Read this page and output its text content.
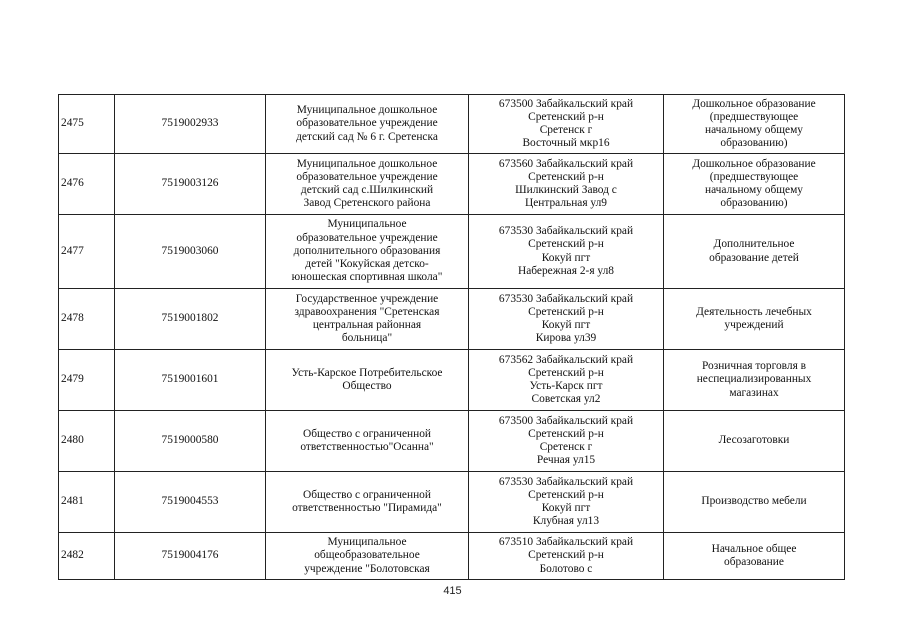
2475	7519002933	Муниципальное дошкольное
образовательное учреждение
детский сад № 6 г. Сретенска	673500 Забайкальский край
Сретенский р-н
Сретенск г
Восточный мкр16	Дошкольное образование
(предшествующее
начальному общему
образованию)

2476	7519003126	Муниципальное дошкольное
образовательное учреждение
детский сад с.Шилкинский
Завод Сретенского района	673560 Забайкальский край
Сретенский р-н
Шилкинский Завод с
Центральная ул9	Дошкольное образование
(предшествующее
начальному общему
образованию)

2477	7519003060	Муниципальное
образовательное учреждение
дополнительного образования
детей "Кокуйская детско-
юношеская спортивная школа"	673530 Забайкальский край
Сретенский р-н
Кокуй пгт
Набережная 2-я ул8	Дополнительное
образование детей

2478	7519001802	Государственное учреждение
здравоохранения "Сретенская
центральная районная
больница"	673530 Забайкальский край
Сретенский р-н
Кокуй пгт
Кирова ул39	Деятельность лечебных
учреждений

2479	7519001601	Усть-Карское Потребительское
Общество	673562 Забайкальский край
Сретенский р-н
Усть-Карск пгт
Советская ул2	Розничная торговля в
неспециализированных
магазинах

2480	7519000580	Общество с ограниченной
ответственностью"Осанна"	673500 Забайкальский край
Сретенский р-н
Сретенск г
Речная ул15	Лесозаготовки

2481	7519004553	Общество с ограниченной
ответственностью "Пирамида"	673530 Забайкальский край
Сретенский р-н
Кокуй пгт
Клубная ул13	Производство мебели

2482	7519004176	Муниципальное
общеобразовательное
учреждение "Болотовская	673510 Забайкальский край
Сретенский р-н
Болотово с	Начальное общее
образование
415
